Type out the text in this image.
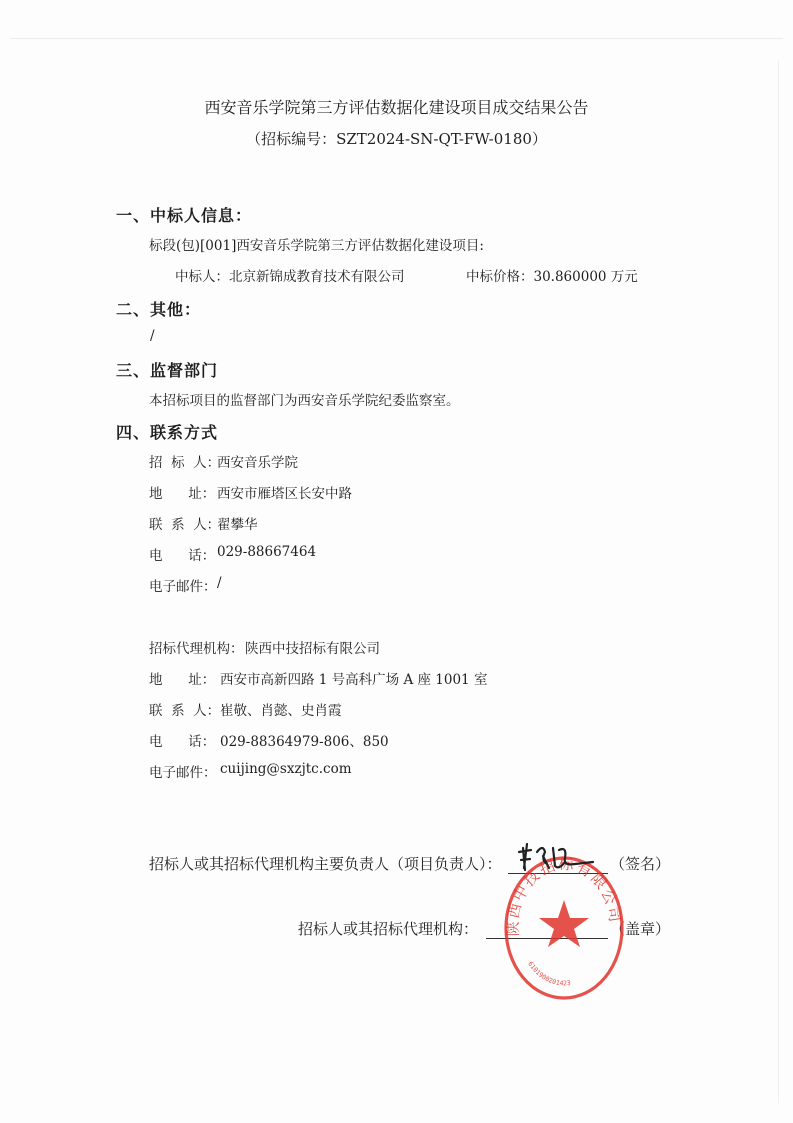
西安音乐学院第三方评估数据化建设项目成交结果公告
（招标编号：SZT2024-SN-QT-FW-0180）
一、中标人信息：
标段(包)[001]西安音乐学院第三方评估数据化建设项目:
中标人：北京新锦成教育技术有限公司	中标价格：30.860000 万元
二、其他：
/
三、监督部门
本招标项目的监督部门为西安音乐学院纪委监察室。
四、联系方式
招  标  人：
西安音乐学院
地      址： 西安市雁塔区长安中路
联  系  人：
翟攀华
电      话： 029-88667464
电子邮件： /
招标代理机构： 陕西中技招标有限公司
地      址： 西安市高新四路 1 号高科广场 A 座 1001 室
联  系  人： 崔敬、肖懿、史肖霞
电      话： 029-88364979-806、850
电子邮件： cuijing@sxzjtc.com
招标人或其招标代理机构主要负责人（项目负责人）：	（签名）
招标人或其招标代理机构：	（盖章）
陕西中技招标有限公司
6101900201423
